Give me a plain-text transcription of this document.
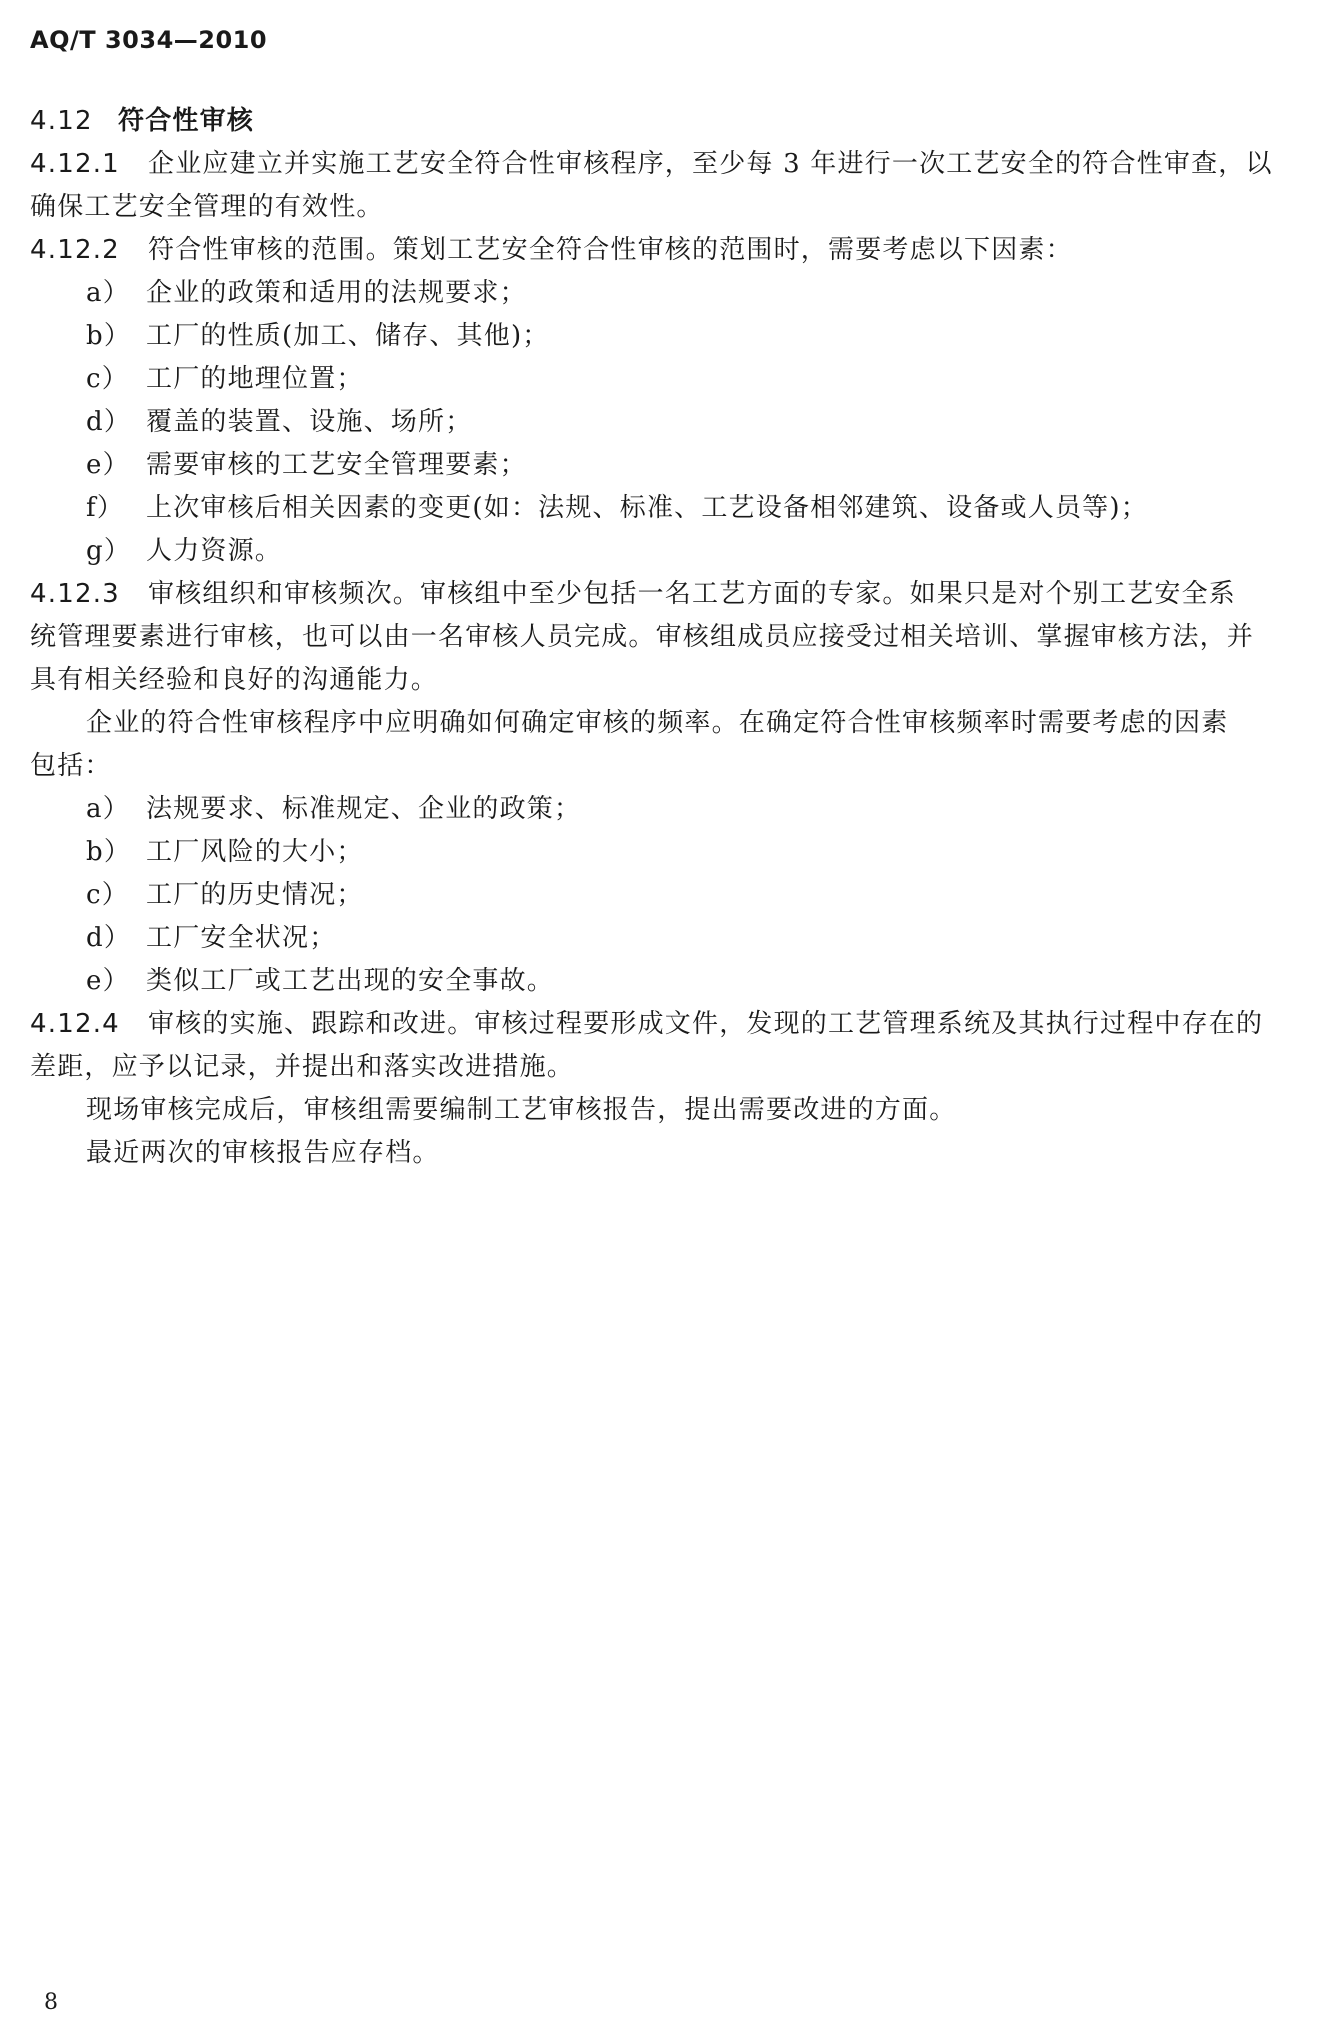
AQ/T 3034—2010
4.12 符合性审核
4.12.1 企业应建立并实施工艺安全符合性审核程序，至少每 3 年进行一次工艺安全的符合性审查，以
确保工艺安全管理的有效性。
4.12.2 符合性审核的范围。策划工艺安全符合性审核的范围时，需要考虑以下因素：
a） 企业的政策和适用的法规要求；
b） 工厂的性质(加工、储存、其他)；
c） 工厂的地理位置；
d） 覆盖的装置、设施、场所；
e） 需要审核的工艺安全管理要素；
f） 上次审核后相关因素的变更(如：法规、标准、工艺设备相邻建筑、设备或人员等)；
g） 人力资源。
4.12.3 审核组织和审核频次。审核组中至少包括一名工艺方面的专家。如果只是对个别工艺安全系
统管理要素进行审核，也可以由一名审核人员完成。审核组成员应接受过相关培训、掌握审核方法，并
具有相关经验和良好的沟通能力。
企业的符合性审核程序中应明确如何确定审核的频率。在确定符合性审核频率时需要考虑的因素
包括：
a） 法规要求、标准规定、企业的政策；
b） 工厂风险的大小；
c） 工厂的历史情况；
d） 工厂安全状况；
e） 类似工厂或工艺出现的安全事故。
4.12.4 审核的实施、跟踪和改进。审核过程要形成文件，发现的工艺管理系统及其执行过程中存在的
差距，应予以记录，并提出和落实改进措施。
现场审核完成后，审核组需要编制工艺审核报告，提出需要改进的方面。
最近两次的审核报告应存档。
8
